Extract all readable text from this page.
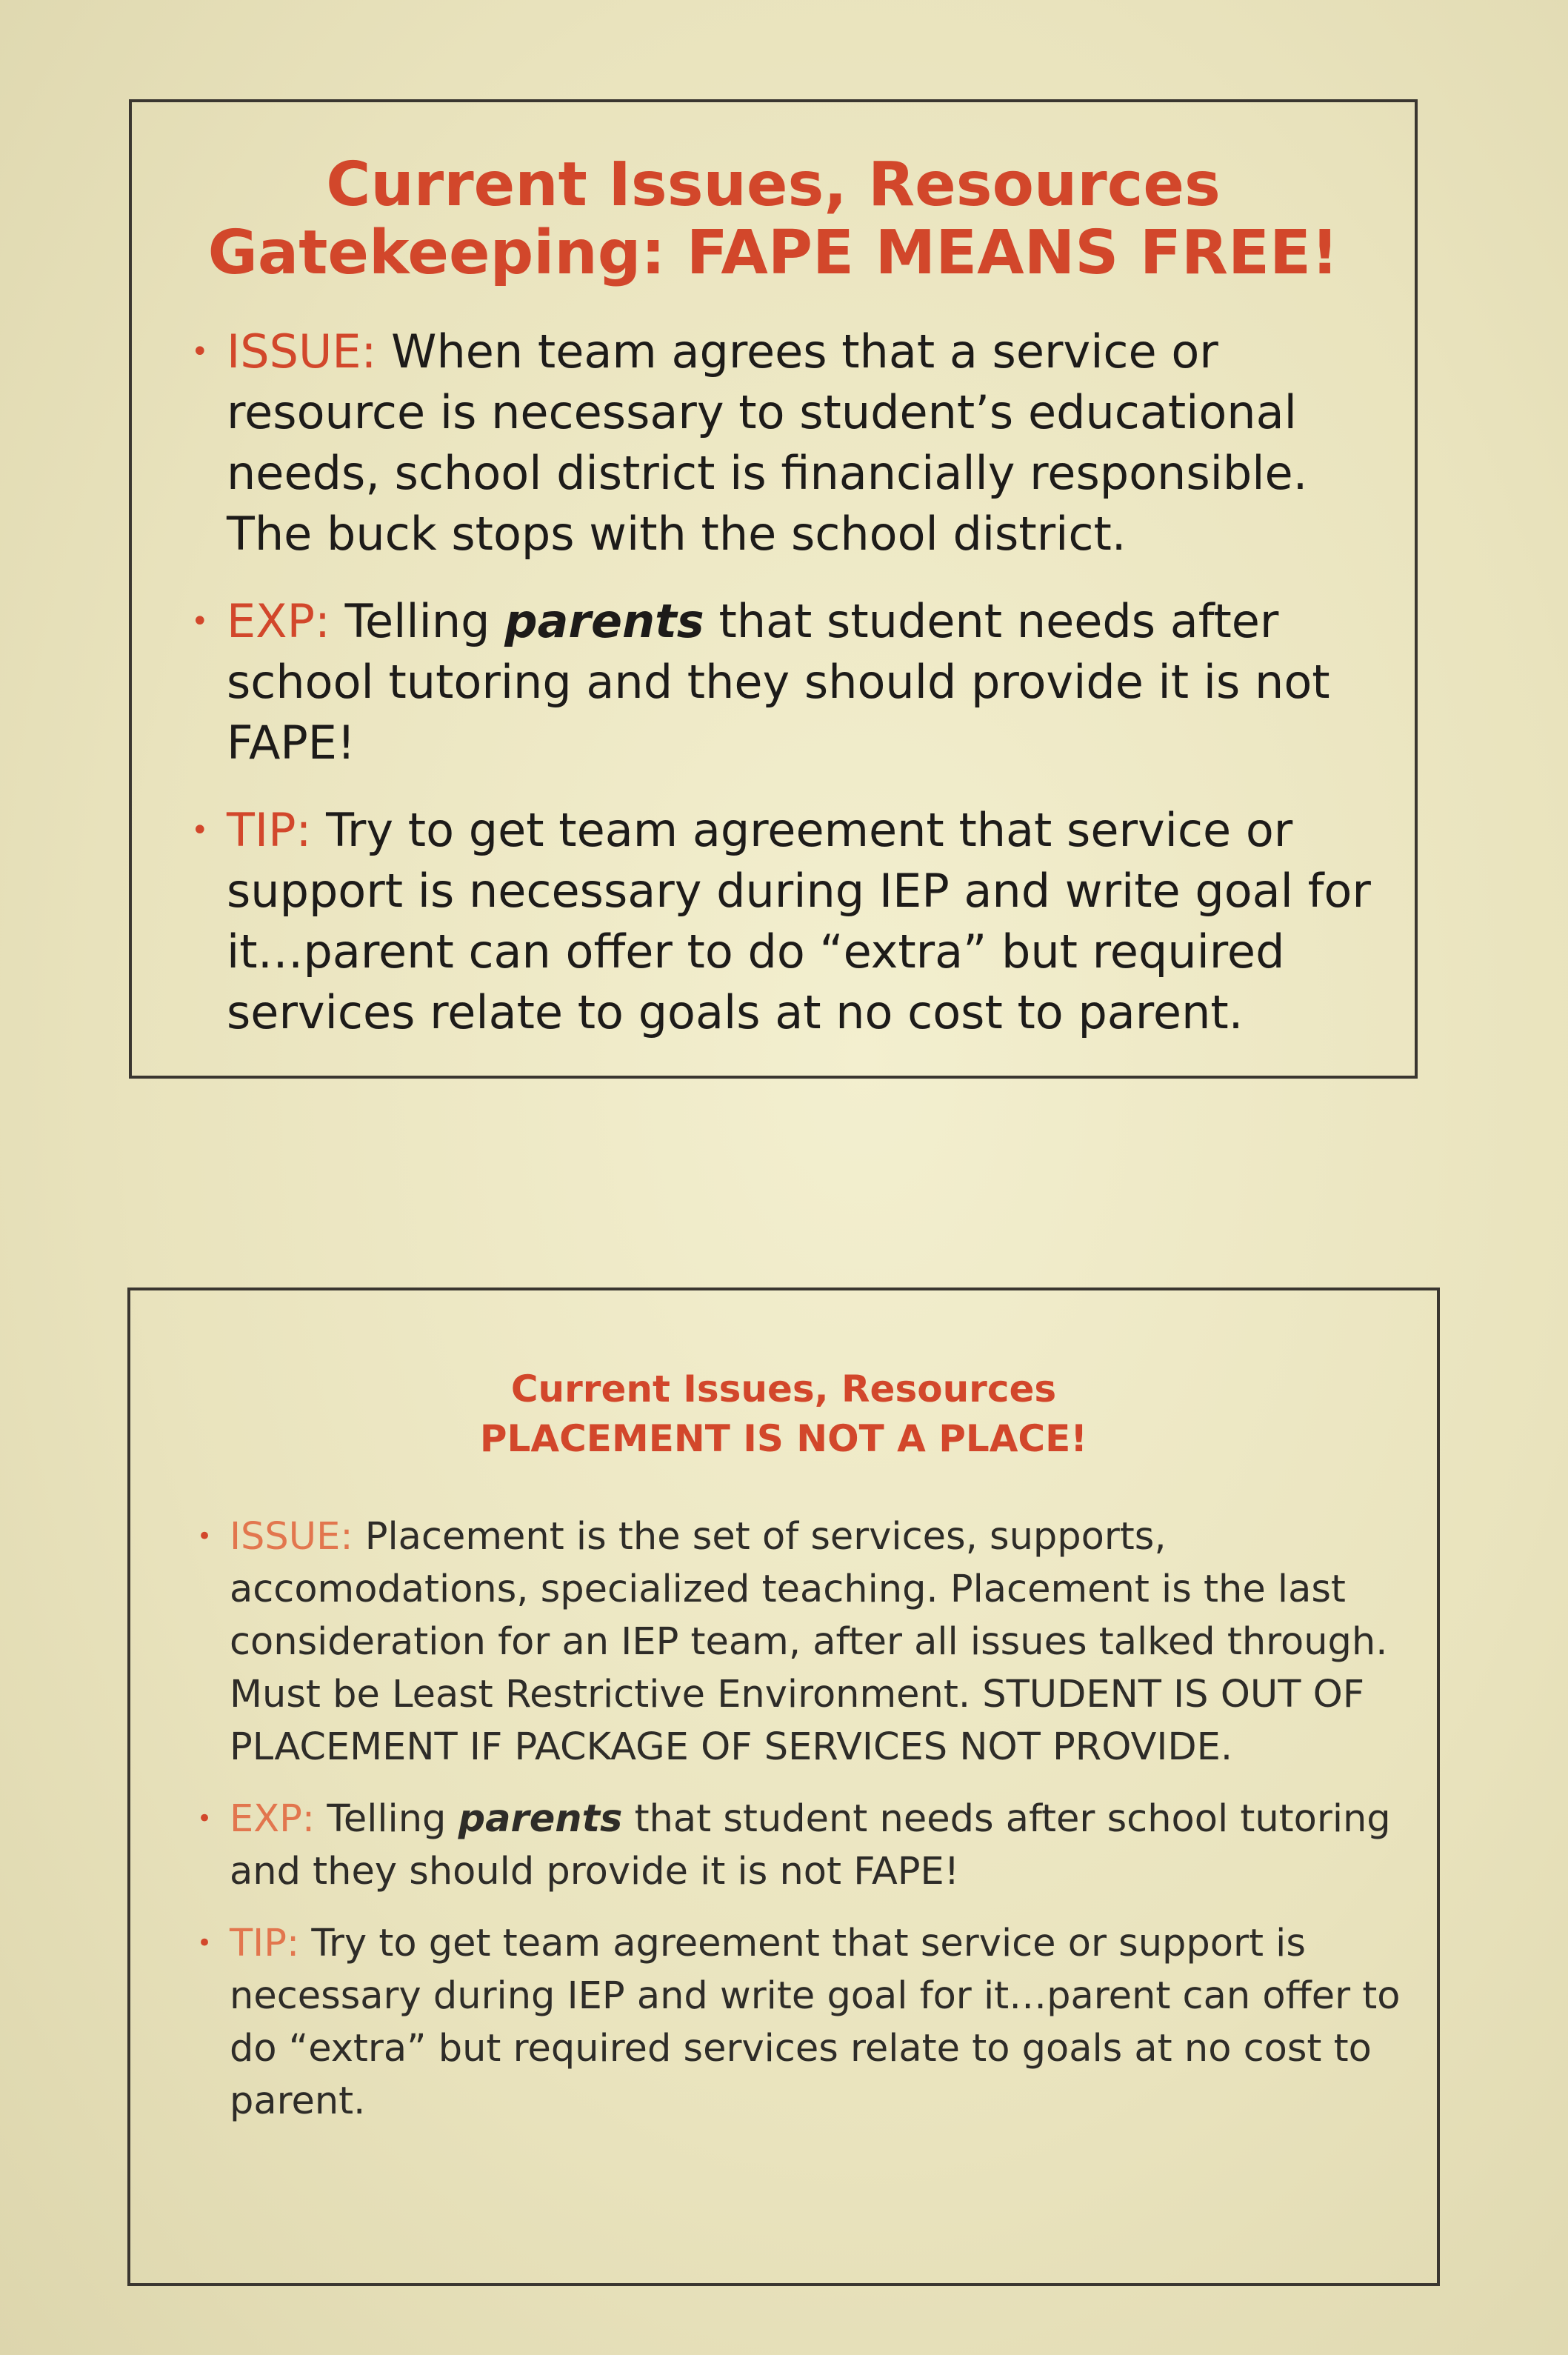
Current Issues, Resources
Gatekeeping: FAPE MEANS FREE!
• ISSUE: When team agrees that a service or resource is necessary to student’s educational needs, school district is financially responsible. The buck stops with the school district.
• EXP: Telling parents that student needs after school tutoring and they should provide it is not FAPE!
• TIP: Try to get team agreement that service or support is necessary during IEP and write goal for it…parent can offer to do “extra” but required services relate to goals at no cost to parent.
Current Issues, Resources
PLACEMENT IS NOT A PLACE!
• ISSUE: Placement is the set of services, supports, accomodations, specialized teaching. Placement is the last consideration for an IEP team, after all issues talked through. Must be Least Restrictive Environment. STUDENT IS OUT OF PLACEMENT IF PACKAGE OF SERVICES NOT PROVIDE.
• EXP: Telling parents that student needs after school tutoring and they should provide it is not FAPE!
• TIP: Try to get team agreement that service or support is necessary during IEP and write goal for it…parent can offer to do “extra” but required services relate to goals at no cost to parent.
